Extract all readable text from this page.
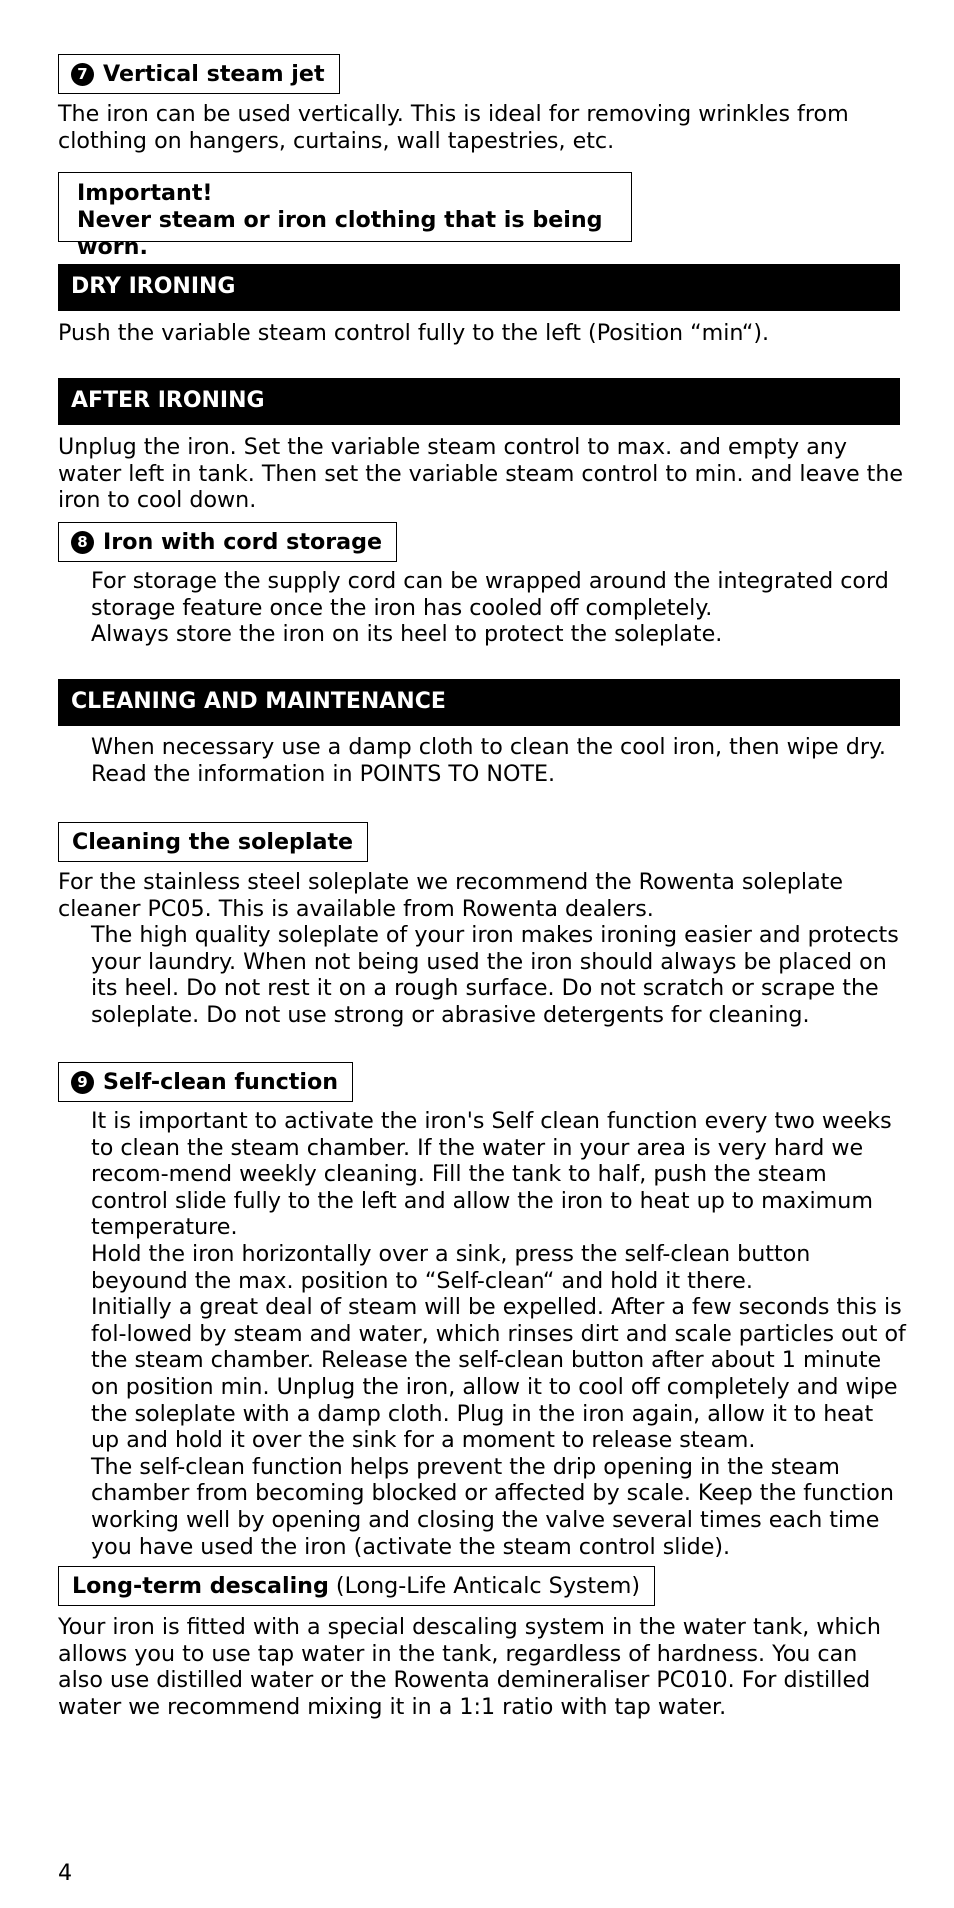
7 Vertical steam jet

The iron can be used vertically. This is ideal for removing wrinkles from clothing on hangers, curtains, wall tapestries, etc.

Important!
Never steam or iron clothing that is being worn.
DRY IRONING

Push the variable steam control fully to the left (Position “min“).

AFTER IRONING

Unplug the iron. Set the variable steam control to max. and empty any water left in tank. Then set the variable steam control to min. and leave the iron to cool down.

8 Iron with cord storage

For storage the supply cord can be wrapped around the integrated cord storage feature once the iron has cooled off completely.

Always store the iron on its heel to protect the soleplate.

CLEANING AND MAINTENANCE

When necessary use a damp cloth to clean the cool iron, then wipe dry. Read the information in POINTS TO NOTE.

Cleaning the soleplate

For the stainless steel soleplate we recommend the Rowenta soleplate cleaner PC05. This is available from Rowenta dealers.

The high quality soleplate of your iron makes ironing easier and protects your laundry. When not being used the iron should always be placed on its heel. Do not rest it on a rough surface. Do not scratch or scrape the soleplate. Do not use strong or abrasive detergents for cleaning.

9 Self-clean function

It is important to activate the iron's Self clean function every two weeks to clean the steam chamber. If the water in your area is very hard we recom-mend weekly cleaning. Fill the tank to half, push the steam control slide fully to the left and allow the iron to heat up to maximum temperature.

Hold the iron horizontally over a sink, press the self-clean button beyound the max. position to “Self-clean“ and hold it there.

Initially a great deal of steam will be expelled. After a few seconds this is fol-lowed by steam and water, which rinses dirt and scale particles out of the steam chamber. Release the self-clean button after about 1 minute on position min. Unplug the iron, allow it to cool off completely and wipe the soleplate with a damp cloth. Plug in the iron again, allow it to heat up and hold it over the sink for a moment to release steam.

The self-clean function helps prevent the drip opening in the steam chamber from becoming blocked or affected by scale. Keep the function working well by opening and closing the valve several times each time you have used the iron (activate the steam control slide).

Long-term descaling (Long-Life Anticalc System)

Your iron is fitted with a special descaling system in the water tank, which allows you to use tap water in the tank, regardless of hardness. You can also use distilled water or the Rowenta demineraliser PC010. For distilled water we recommend mixing it in a 1:1 ratio with tap water.

4
